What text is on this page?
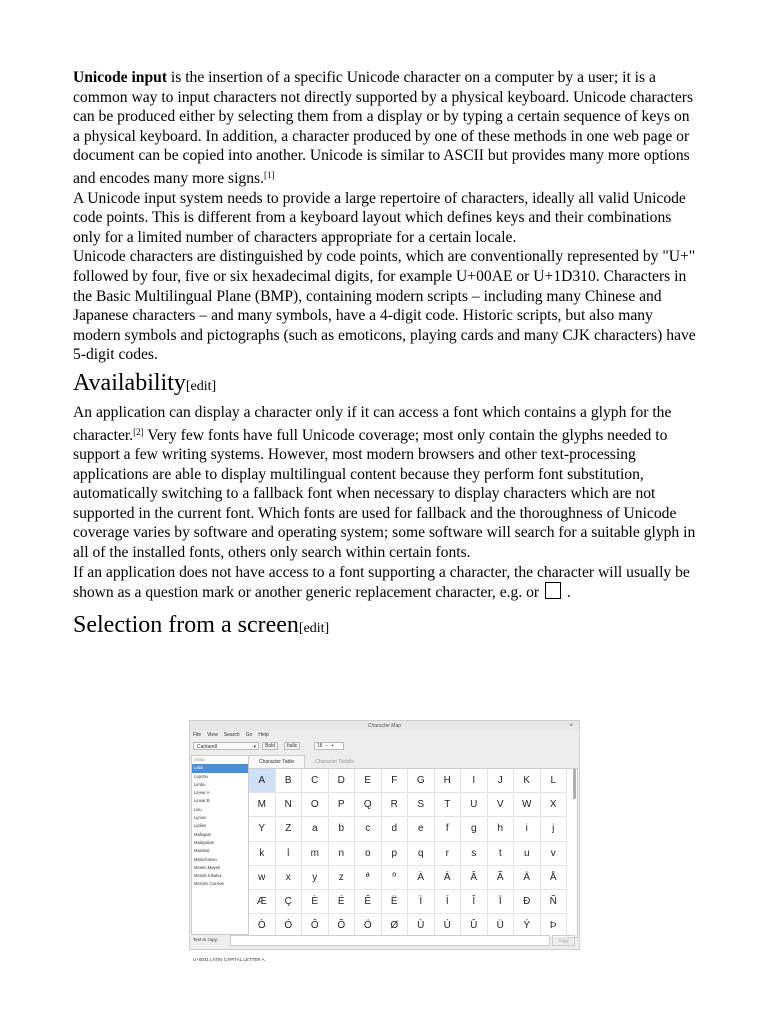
Unicode input is the insertion of a specific Unicode character on a computer by a user; it is a common way to input characters not directly supported by a physical keyboard. Unicode characters can be produced either by selecting them from a display or by typing a certain sequence of keys on a physical keyboard. In addition, a character produced by one of these methods in one web page or document can be copied into another. Unicode is similar to ASCII but provides many more options and encodes many more signs.[1]

A Unicode input system needs to provide a large repertoire of characters, ideally all valid Unicode code points. This is different from a keyboard layout which defines keys and their combinations only for a limited number of characters appropriate for a certain locale.

Unicode characters are distinguished by code points, which are conventionally represented by "U+" followed by four, five or six hexadecimal digits, for example U+00AE or U+1D310. Characters in the Basic Multilingual Plane (BMP), containing modern scripts – including many Chinese and Japanese characters – and many symbols, have a 4-digit code. Historic scripts, but also many modern symbols and pictographs (such as emoticons, playing cards and many CJK characters) have 5-digit codes.

Availability[edit]

An application can display a character only if it can access a font which contains a glyph for the character.[2] Very few fonts have full Unicode coverage; most only contain the glyphs needed to support a few writing systems. However, most modern browsers and other text-processing applications are able to display multilingual content because they perform font substitution, automatically switching to a fallback font when necessary to display characters which are not supported in the current font. Which fonts are used for fallback and the thoroughness of Unicode coverage varies by software and operating system; some software will search for a suitable glyph in all of the installed fonts, others only search within certain fonts.

If an application does not have access to a font supporting a character, the character will usually be shown as a question mark or another generic replacement character, e.g. or  .

Selection from a screen[edit]
Character Map	×
File View Search Go Help
Cantarell	▾	Bold	Italic	18 − +
Script
Latin
Lepcha
Limbu
Linear A
Linear B
Lisu
Lycian
Lydian
Mahajani
Malayalam
Mandaic
Manichaean
Meetei Mayek
Mende Kikakui
Meroitic Cursive
Character Table	Character Details
A	B	C	D	E	F	G	H	I	J	K	L
M	N	O	P	Q	R	S	T	U	V	W	X
Y	Z	a	b	c	d	e	f	g	h	i	j
k	l	m	n	o	p	q	r	s	t	u	v
w	x	y	z	ª	º	À	Á	Â	Ã	Ä	Å
Æ	Ç	È	É	Ê	Ë	Ì	Í	Î	Ï	Ð	Ñ
Ò	Ó	Ô	Õ	Ö	Ø	Ù	Ú	Û	Ü	Ý	Þ
Text to copy:	Copy
U+0041 LATIN CAPITAL LETTER A
